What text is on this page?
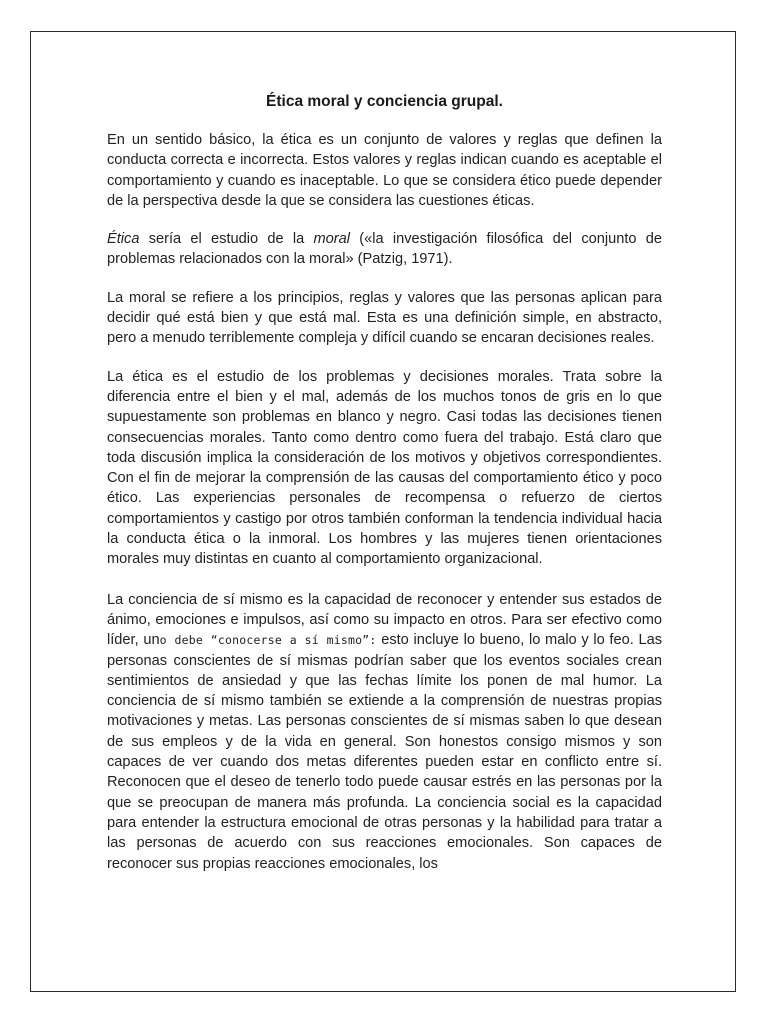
Ética moral y conciencia grupal.

En un sentido básico, la ética es un conjunto de valores y reglas que definen la conducta correcta e incorrecta. Estos valores y reglas indican cuando es aceptable el comportamiento y cuando es inaceptable. Lo que se considera ético puede depender de la perspectiva desde la que se considera las cuestiones éticas.

Ética sería el estudio de la moral («la investigación filosófica del conjunto de problemas relacionados con la moral» (Patzig, 1971).

La moral se refiere a los principios, reglas y valores que las personas aplican para decidir qué está bien y que está mal. Esta es una definición simple, en abstracto, pero a menudo terriblemente compleja y difícil cuando se encaran decisiones reales.

La ética es el estudio de los problemas y decisiones morales. Trata sobre la diferencia entre el bien y el mal, además de los muchos tonos de gris en lo que supuestamente son problemas en blanco y negro. Casi todas las decisiones tienen consecuencias morales. Tanto como dentro como fuera del trabajo. Está claro que toda discusión implica la consideración de los motivos y objetivos correspondientes. Con el fin de mejorar la comprensión de las causas del comportamiento ético y poco ético. Las experiencias personales de recompensa o refuerzo de ciertos comportamientos y castigo por otros también conforman la tendencia individual hacia la conducta ética o la inmoral. Los hombres y las mujeres tienen orientaciones morales muy distintas en cuanto al comportamiento organizacional.

La conciencia de sí mismo es la capacidad de reconocer y entender sus estados de ánimo, emociones e impulsos, así como su impacto en otros. Para ser efectivo como líder, uno debe “conocerse a sí mismo”: esto incluye lo bueno, lo malo y lo feo. Las personas conscientes de sí mismas podrían saber que los eventos sociales crean sentimientos de ansiedad y que las fechas límite los ponen de mal humor. La conciencia de sí mismo también se extiende a la comprensión de nuestras propias motivaciones y metas. Las personas conscientes de sí mismas saben lo que desean de sus empleos y de la vida en general. Son honestos consigo mismos y son capaces de ver cuando dos metas diferentes pueden estar en conflicto entre sí. Reconocen que el deseo de tenerlo todo puede causar estrés en las personas por la que se preocupan de manera más profunda. La conciencia social es la capacidad para entender la estructura emocional de otras personas y la habilidad para tratar a las personas de acuerdo con sus reacciones emocionales. Son capaces de reconocer sus propias reacciones emocionales, los
